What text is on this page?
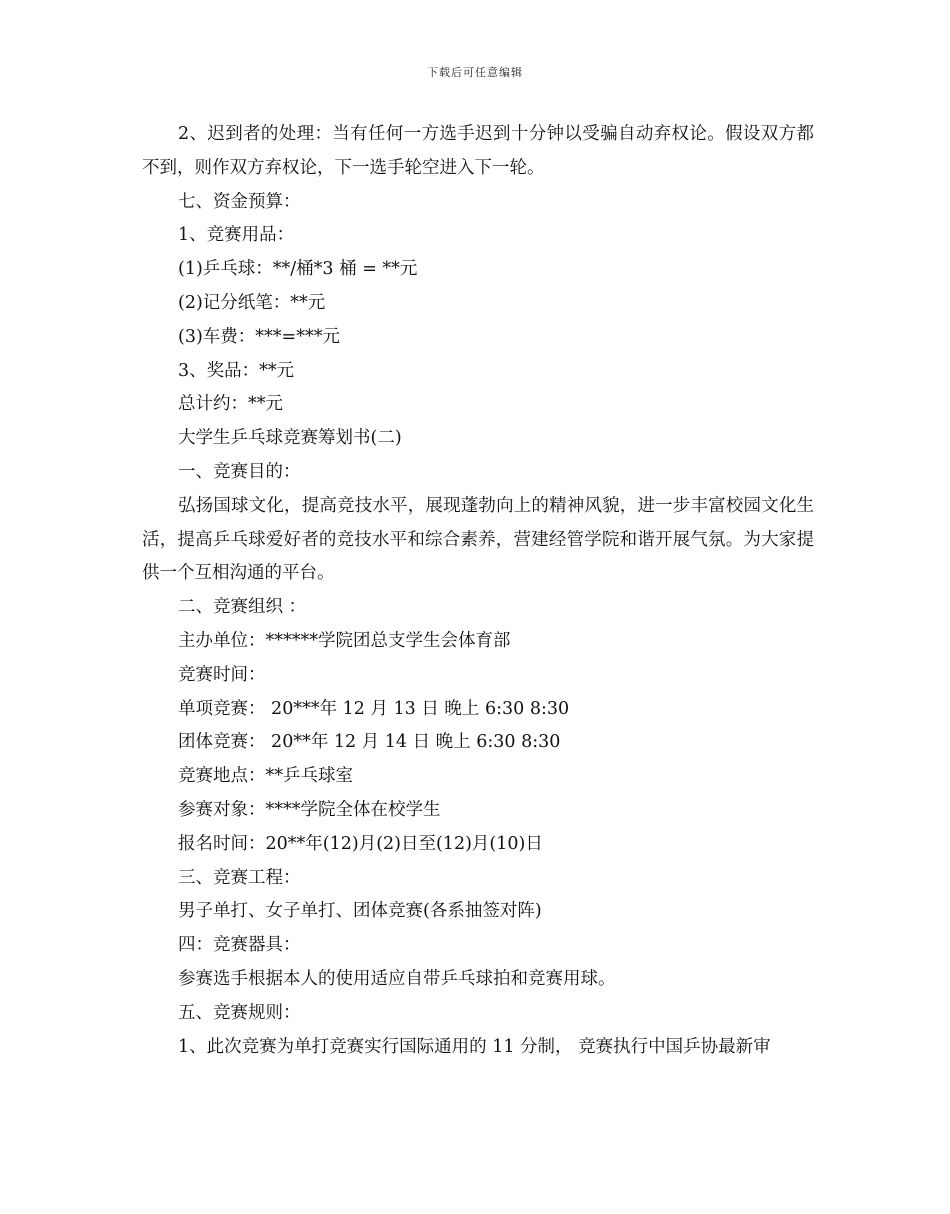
下载后可任意编辑

2、迟到者的处理：当有任何一方选手迟到十分钟以受骗自动弃权论。假设双方都不到，则作双方弃权论，下一选手轮空进入下一轮。

七、资金预算：

1、竞赛用品：

(1)乒乓球：**/桶*3 桶 = **元

(2)记分纸笔：**元

(3)车费：***=***元

3、奖品：**元

总计约：**元

大学生乒乓球竞赛筹划书(二)

一、竞赛目的：

弘扬国球文化，提高竞技水平，展现蓬勃向上的精神风貌，进一步丰富校园文化生活，提高乒乓球爱好者的竞技水平和综合素养，营建经管学院和谐开展气氛。为大家提供一个互相沟通的平台。

二、竞赛组织 ：

主办单位：******学院团总支学生会体育部

竞赛时间：

单项竞赛： 20***年 12 月 13 日 晚上 6:30 8:30

团体竞赛： 20**年 12 月 14 日 晚上 6:30 8:30

竞赛地点：**乒乓球室

参赛对象：****学院全体在校学生

报名时间：20**年(12)月(2)日至(12)月(10)日

三、竞赛工程：

男子单打、女子单打、团体竞赛(各系抽签对阵)

四：竞赛器具：

参赛选手根据本人的使用适应自带乒乓球拍和竞赛用球。

五、竞赛规则：

1、此次竞赛为单打竞赛实行国际通用的 11 分制， 竞赛执行中国乒协最新审
